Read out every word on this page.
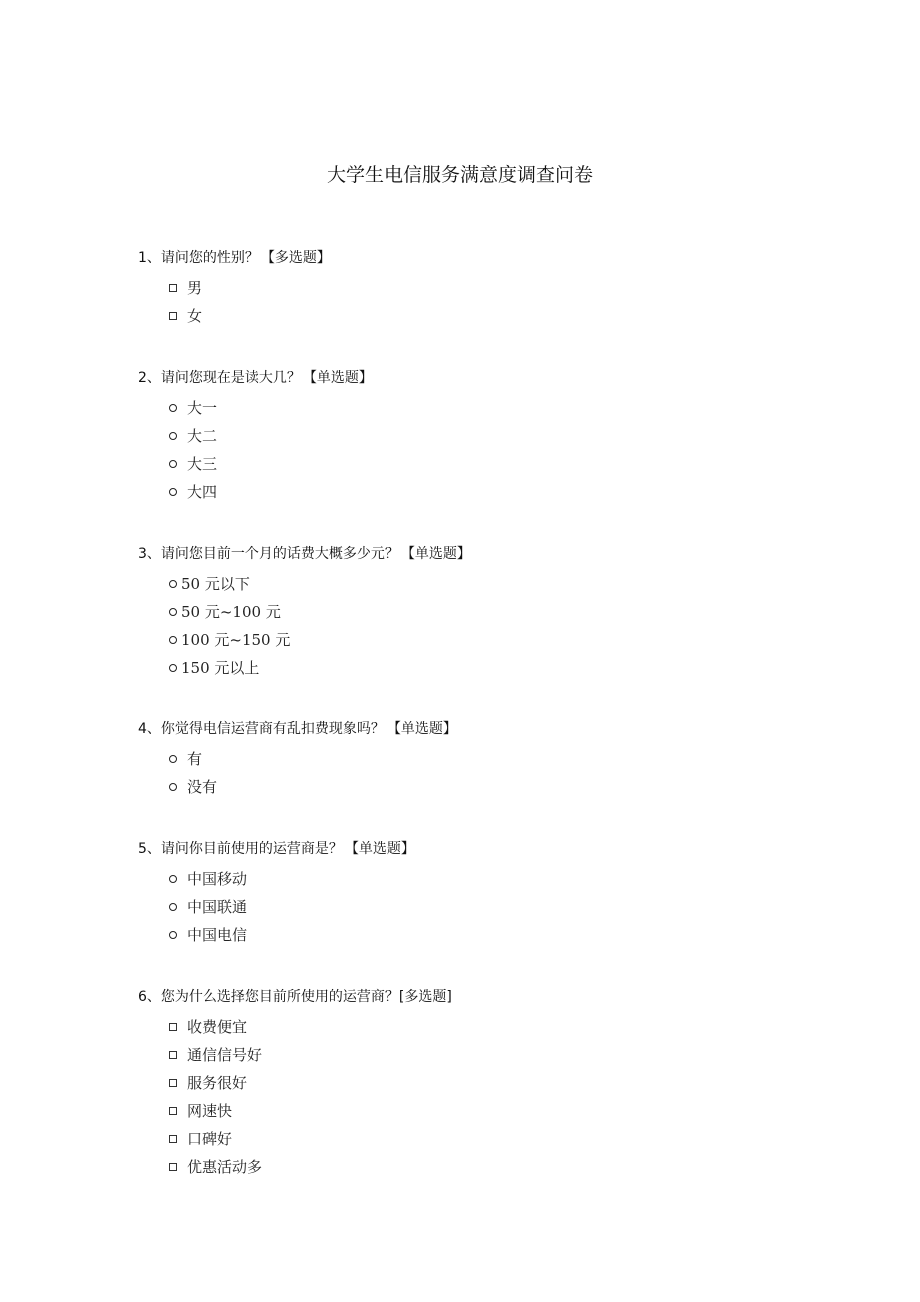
大学生电信服务满意度调查问卷
1、请问您的性别？ 【多选题】
男
女
2、请问您现在是读大几？ 【单选题】
大一
大二
大三
大四
3、请问您目前一个月的话费大概多少元？ 【单选题】
50 元以下
50 元~100 元
100 元~150 元
150 元以上
4、你觉得电信运营商有乱扣费现象吗？ 【单选题】
有
没有
5、请问你目前使用的运营商是？ 【单选题】
中国移动
中国联通
中国电信
6、您为什么选择您目前所使用的运营商？[多选题]
收费便宜
通信信号好
服务很好
网速快
口碑好
优惠活动多
